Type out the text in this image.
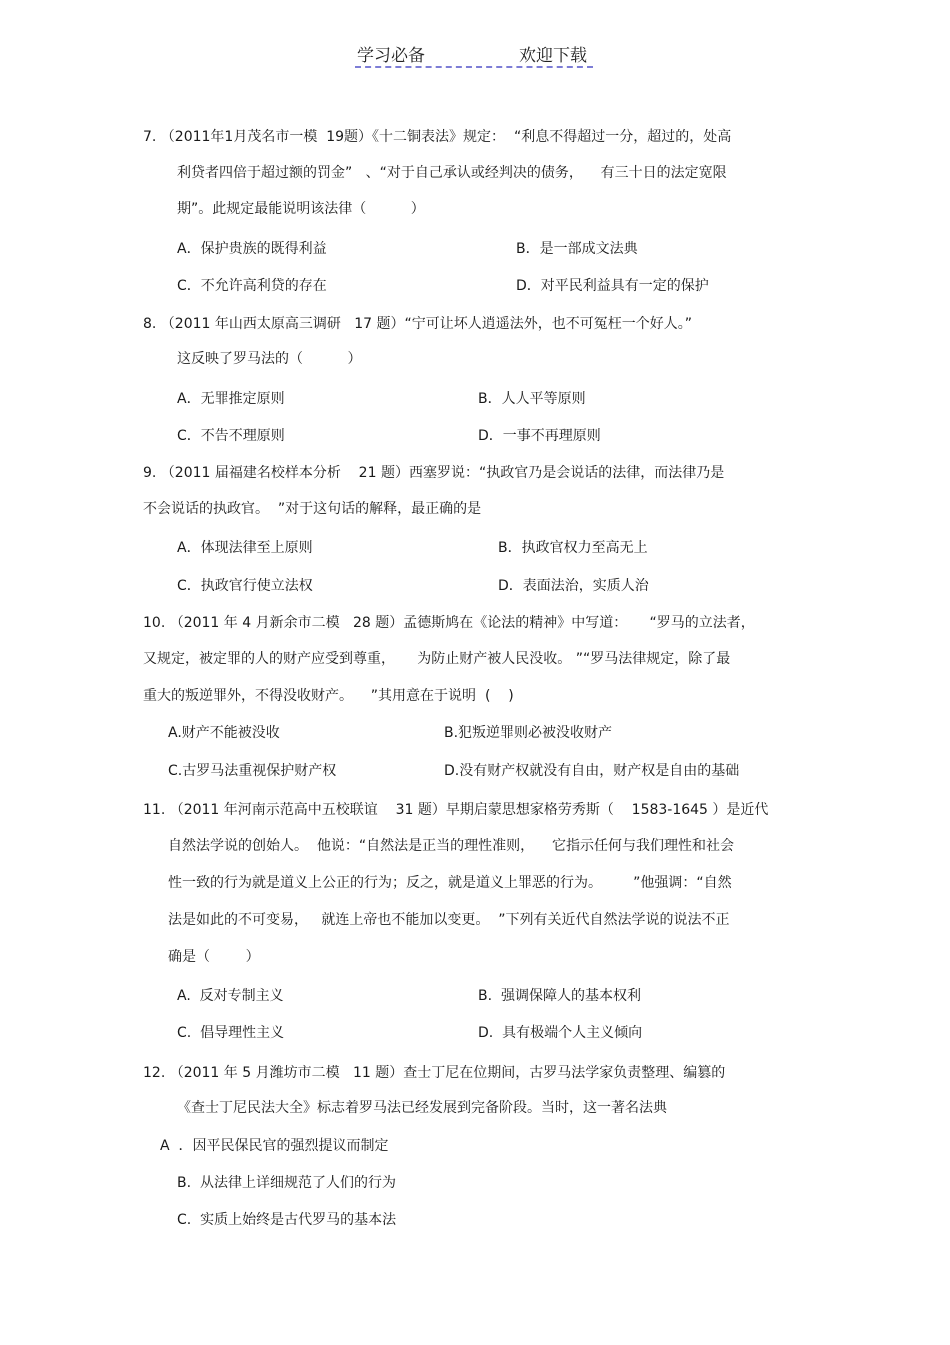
学习必备	欢迎下载
7. （2011年1月茂名市一模  19题）《十二铜表法》规定：  “利息不得超过一分，超过的，处高
利贷者四倍于超过额的罚金”   、“对于自己承认或经判决的债务，    有三十日的法定宽限
期”。此规定最能说明该法律（          ）
A．保护贵族的既得利益	B．是一部成文法典
C．不允许高利贷的存在	D．对平民利益具有一定的保护
8. （2011 年山西太原高三调研   17 题）“宁可让坏人逍遥法外，也不可冤枉一个好人。”
这反映了罗马法的（          ）
A．无罪推定原则	B．人人平等原则
C．不告不理原则	D．一事不再理原则
9. （2011 届福建名校样本分析    21 题）西塞罗说：“执政官乃是会说话的法律，而法律乃是
不会说话的执政官。  ”对于这句话的解释，最正确的是
A．体现法律至上原则	B．执政官权力至高无上
C．执政官行使立法权	D．表面法治，实质人治
10. （2011 年 4 月新余市二模   28 题）孟德斯鸠在《论法的精神》中写道：     “罗马的立法者，
又规定，被定罪的人的财产应受到尊重，     为防止财产被人民没收。 ”“罗马法律规定，除了最
重大的叛逆罪外，不得没收财产。    ”其用意在于说明  (    )
A.财产不能被没收	B.犯叛逆罪则必被没收财产
C.古罗马法重视保护财产权	D.没有财产权就没有自由，财产权是自由的基础
11. （2011 年河南示范高中五校联谊    31 题）早期启蒙思想家格劳秀斯（    1583-1645 ）是近代
自然法学说的创始人。  他说：“自然法是正当的理性准则，    它指示任何与我们理性和社会
性一致的行为就是道义上公正的行为；反之，就是道义上罪恶的行为。       ”他强调：“自然
法是如此的不可变易，   就连上帝也不能加以变更。  ”下列有关近代自然法学说的说法不正
确是（        ）
A.  反对专制主义	B.  强调保障人的基本权利
C.  倡导理性主义	D.  具有极端个人主义倾向
12. （2011 年 5 月潍坊市二模   11 题）查士丁尼在位期间，古罗马法学家负责整理、编篡的
《查士丁尼民法大全》标志着罗马法已经发展到完备阶段。当时，这一著名法典
A  ．因平民保民官的强烈提议而制定
B.  从法律上详细规范了人们的行为
C.  实质上始终是古代罗马的基本法
